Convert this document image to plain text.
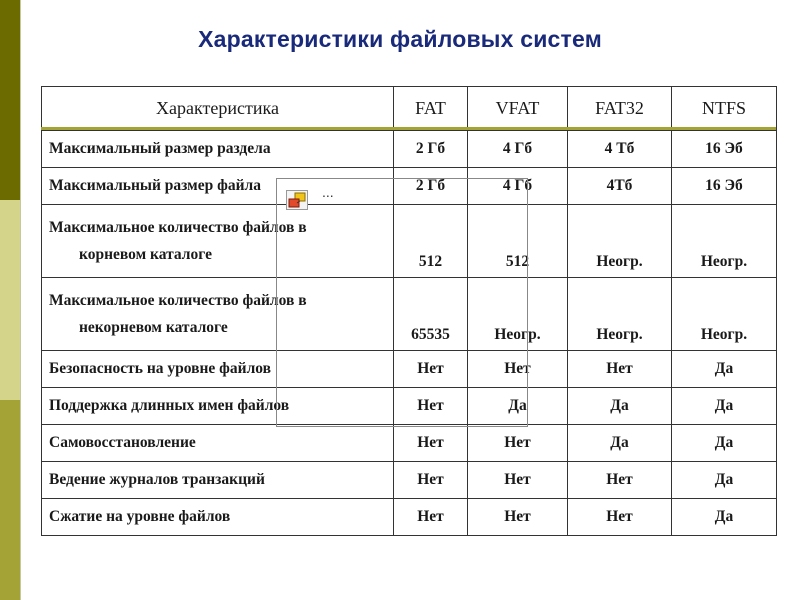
Характеристики файловых систем
Характеристика	FAT	VFAT	FAT32	NTFS
Максимальный размер раздела	2 Гб	4 Гб	4 Тб	16 Эб
Максимальный размер файла	2 Гб	4 Гб	4Тб	16 Эб
Максимальное количество файлов в
корневом каталоге	512	512	Неогр.	Неогр.
Максимальное количество файлов в
некорневом каталоге	65535	Неогр.	Неогр.	Неогр.
Безопасность на уровне файлов	Нет	Нет	Нет	Да
Поддержка длинных имен файлов	Нет	Да	Да	Да
Самовосстановление	Нет	Нет	Да	Да
Ведение журналов транзакций	Нет	Нет	Нет	Да
Сжатие на уровне файлов	Нет	Нет	Нет	Да
...
